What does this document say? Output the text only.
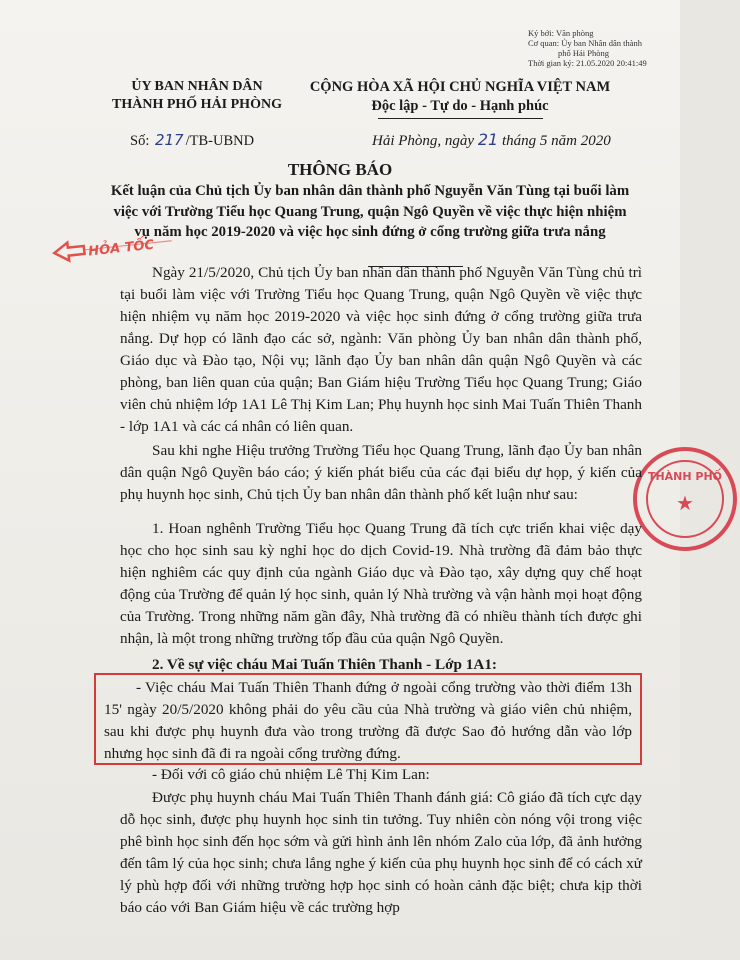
Ký bởi: Văn phòng
Cơ quan: Ủy ban Nhân dân thành
phố Hải Phòng
Thời gian ký: 21.05.2020 20:41:49
ỦY BAN NHÂN DÂN
THÀNH PHỐ HẢI PHÒNG
CỘNG HÒA XÃ HỘI CHỦ NGHĨA VIỆT NAM
Độc lập - Tự do - Hạnh phúc
Số: 217 /TB-UBND	Hải Phòng, ngày 21 tháng 5 năm 2020
THÔNG BÁO
Kết luận của Chủ tịch Ủy ban nhân dân thành phố Nguyễn Văn Tùng tại buổi làm việc với Trường Tiểu học Quang Trung, quận Ngô Quyền về việc thực hiện nhiệm vụ năm học 2019-2020 và việc học sinh đứng ở cổng trường giữa trưa nắng
HỎA TỐC
THÀNH PHỐ
★

Ngày 21/5/2020, Chủ tịch Ủy ban nhân dân thành phố Nguyễn Văn Tùng chủ trì tại buổi làm việc với Trường Tiểu học Quang Trung, quận Ngô Quyền về việc thực hiện nhiệm vụ năm học 2019-2020 và việc học sinh đứng ở cổng trường giữa trưa nắng. Dự họp có lãnh đạo các sở, ngành: Văn phòng Ủy ban nhân dân thành phố, Giáo dục và Đào tạo, Nội vụ; lãnh đạo Ủy ban nhân dân quận Ngô Quyền và các phòng, ban liên quan của quận; Ban Giám hiệu Trường Tiểu học Quang Trung; Giáo viên chủ nhiệm lớp 1A1 Lê Thị Kim Lan; Phụ huynh học sinh Mai Tuấn Thiên Thanh - lớp 1A1 và các cá nhân có liên quan.

Sau khi nghe Hiệu trưởng Trường Tiểu học Quang Trung, lãnh đạo Ủy ban nhân dân quận Ngô Quyền báo cáo; ý kiến phát biểu của các đại biểu dự họp, ý kiến của phụ huynh học sinh, Chủ tịch Ủy ban nhân dân thành phố kết luận như sau:

1. Hoan nghênh Trường Tiểu học Quang Trung đã tích cực triển khai việc dạy học cho học sinh sau kỳ nghỉ học do dịch Covid-19. Nhà trường đã đảm bảo thực hiện nghiêm các quy định của ngành Giáo dục và Đào tạo, xây dựng quy chế hoạt động của Trường để quản lý học sinh, quản lý Nhà trường và vận hành mọi hoạt động của Trường. Trong những năm gần đây, Nhà trường đã có nhiều thành tích được ghi nhận, là một trong những trường tốp đầu của quận Ngô Quyền.

2. Về sự việc cháu Mai Tuấn Thiên Thanh - Lớp 1A1:

- Việc cháu Mai Tuấn Thiên Thanh đứng ở ngoài cổng trường vào thời điểm 13h 15' ngày 20/5/2020 không phải do yêu cầu của Nhà trường và giáo viên chủ nhiệm, sau khi được phụ huynh đưa vào trong trường đã được Sao đỏ hướng dẫn vào lớp nhưng học sinh đã đi ra ngoài cổng trường đứng.

- Đối với cô giáo chủ nhiệm Lê Thị Kim Lan:

Được phụ huynh cháu Mai Tuấn Thiên Thanh đánh giá: Cô giáo đã tích cực dạy dỗ học sinh, được phụ huynh học sinh tin tưởng. Tuy nhiên còn nóng vội trong việc phê bình học sinh đến học sớm và gửi hình ảnh lên nhóm Zalo của lớp, đã ảnh hưởng đến tâm lý của học sinh; chưa lắng nghe ý kiến của phụ huynh học sinh để có cách xử lý phù hợp đối với những trường hợp học sinh có hoàn cảnh đặc biệt; chưa kịp thời báo cáo với Ban Giám hiệu về các trường hợp
